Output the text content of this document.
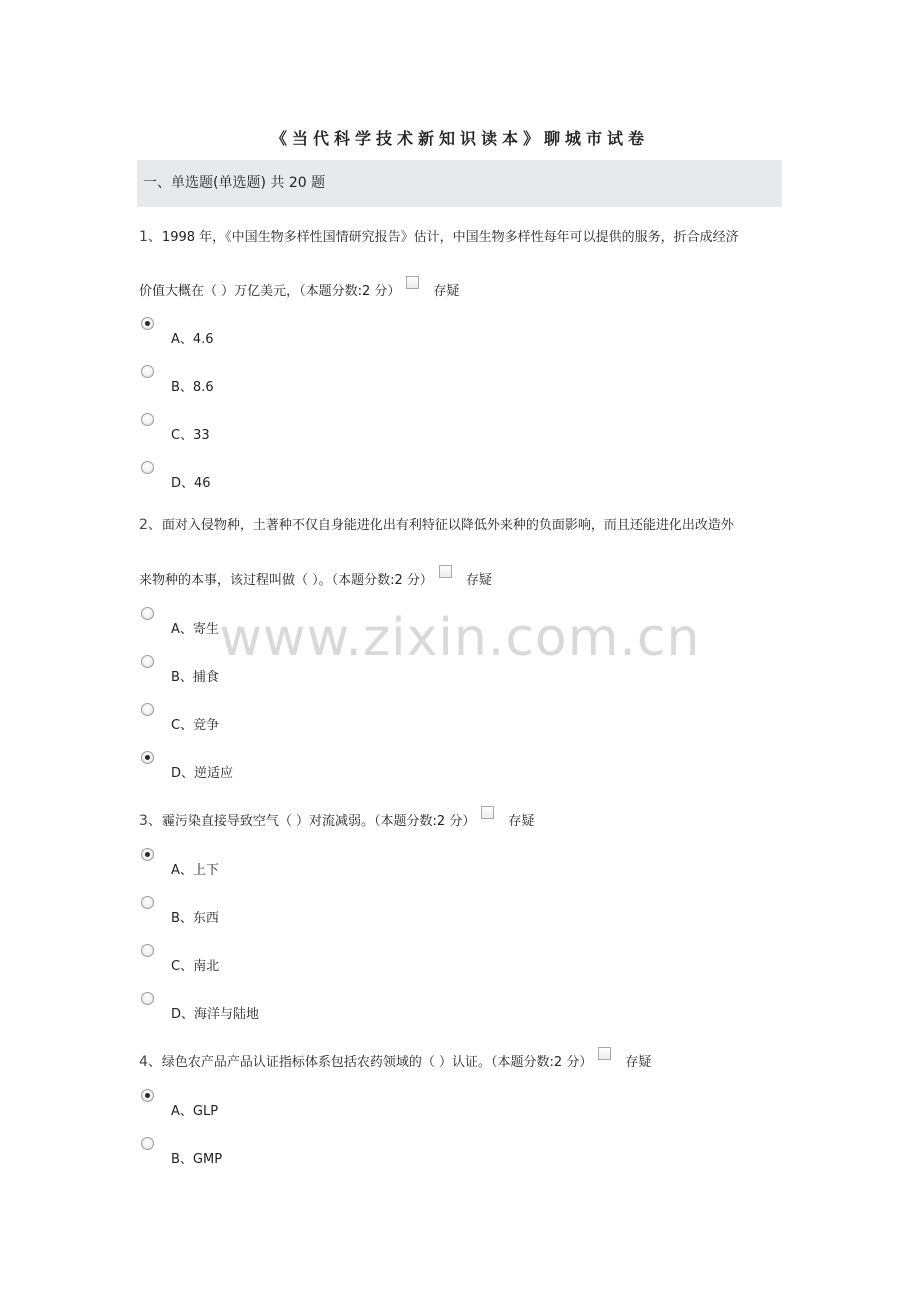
《当代科学技术新知识读本》聊城市试卷
一、单选题(单选题) 共 20 题
www.zixin.com.cn
1、1998 年，《中国生物多样性国情研究报告》估计，中国生物多样性每年可以提供的服务，折合成经济
价值大概在（ ）万亿美元，（本题分数:2 分）	存疑
A、4.6
B、8.6
C、33
D、46
2、面对入侵物种，土著种不仅自身能进化出有利特征以降低外来种的负面影响，而且还能进化出改造外
来物种的本事，该过程叫做（ ）。（本题分数:2 分）	存疑
A、寄生
B、捕食
C、竞争
D、逆适应
3、霾污染直接导致空气（ ）对流减弱。（本题分数:2 分）	存疑
A、上下
B、东西
C、南北
D、海洋与陆地
4、绿色农产品产品认证指标体系包括农药领域的（ ）认证。（本题分数:2 分）	存疑
A、GLP
B、GMP
